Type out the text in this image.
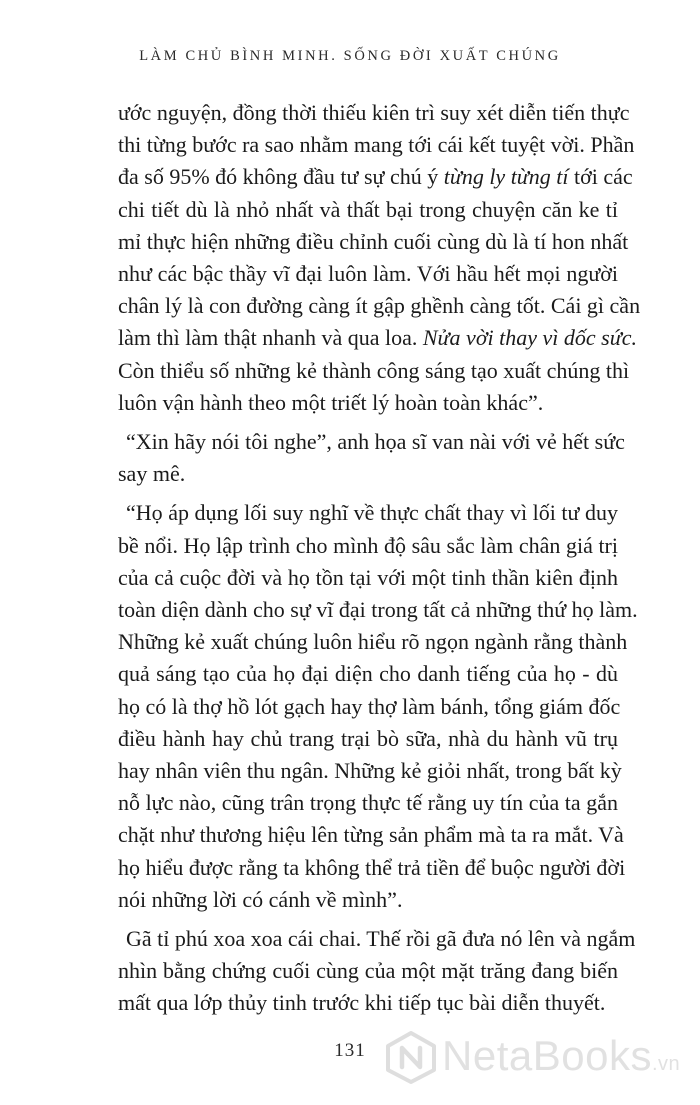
LÀM CHỦ BÌNH MINH. SỐNG ĐỜI XUẤT CHÚNG
ước nguyện, đồng thời thiếu kiên trì suy xét diễn tiến thực
thi từng bước ra sao nhằm mang tới cái kết tuyệt vời. Phần
đa số 95% đó không đầu tư sự chú ý từng ly từng tí tới các
chi tiết dù là nhỏ nhất và thất bại trong chuyện căn ke tỉ
mỉ thực hiện những điều chỉnh cuối cùng dù là tí hon nhất
như các bậc thầy vĩ đại luôn làm. Với hầu hết mọi người
chân lý là con đường càng ít gập ghềnh càng tốt. Cái gì cần
làm thì làm thật nhanh và qua loa. Nửa vời thay vì dốc sức.
Còn thiểu số những kẻ thành công sáng tạo xuất chúng thì
luôn vận hành theo một triết lý hoàn toàn khác”.
“Xin hãy nói tôi nghe”, anh họa sĩ van nài với vẻ hết sức
say mê.
“Họ áp dụng lối suy nghĩ về thực chất thay vì lối tư duy
bề nổi. Họ lập trình cho mình độ sâu sắc làm chân giá trị
của cả cuộc đời và họ tồn tại với một tinh thần kiên định
toàn diện dành cho sự vĩ đại trong tất cả những thứ họ làm.
Những kẻ xuất chúng luôn hiểu rõ ngọn ngành rằng thành
quả sáng tạo của họ đại diện cho danh tiếng của họ - dù
họ có là thợ hồ lót gạch hay thợ làm bánh, tổng giám đốc
điều hành hay chủ trang trại bò sữa, nhà du hành vũ trụ
hay nhân viên thu ngân. Những kẻ giỏi nhất, trong bất kỳ
nỗ lực nào, cũng trân trọng thực tế rằng uy tín của ta gắn
chặt như thương hiệu lên từng sản phẩm mà ta ra mắt. Và
họ hiểu được rằng ta không thể trả tiền để buộc người đời
nói những lời có cánh về mình”.
Gã tỉ phú xoa xoa cái chai. Thế rồi gã đưa nó lên và ngắm
nhìn bằng chứng cuối cùng của một mặt trăng đang biến
mất qua lớp thủy tinh trước khi tiếp tục bài diễn thuyết.
131	NetaBooks.vn
